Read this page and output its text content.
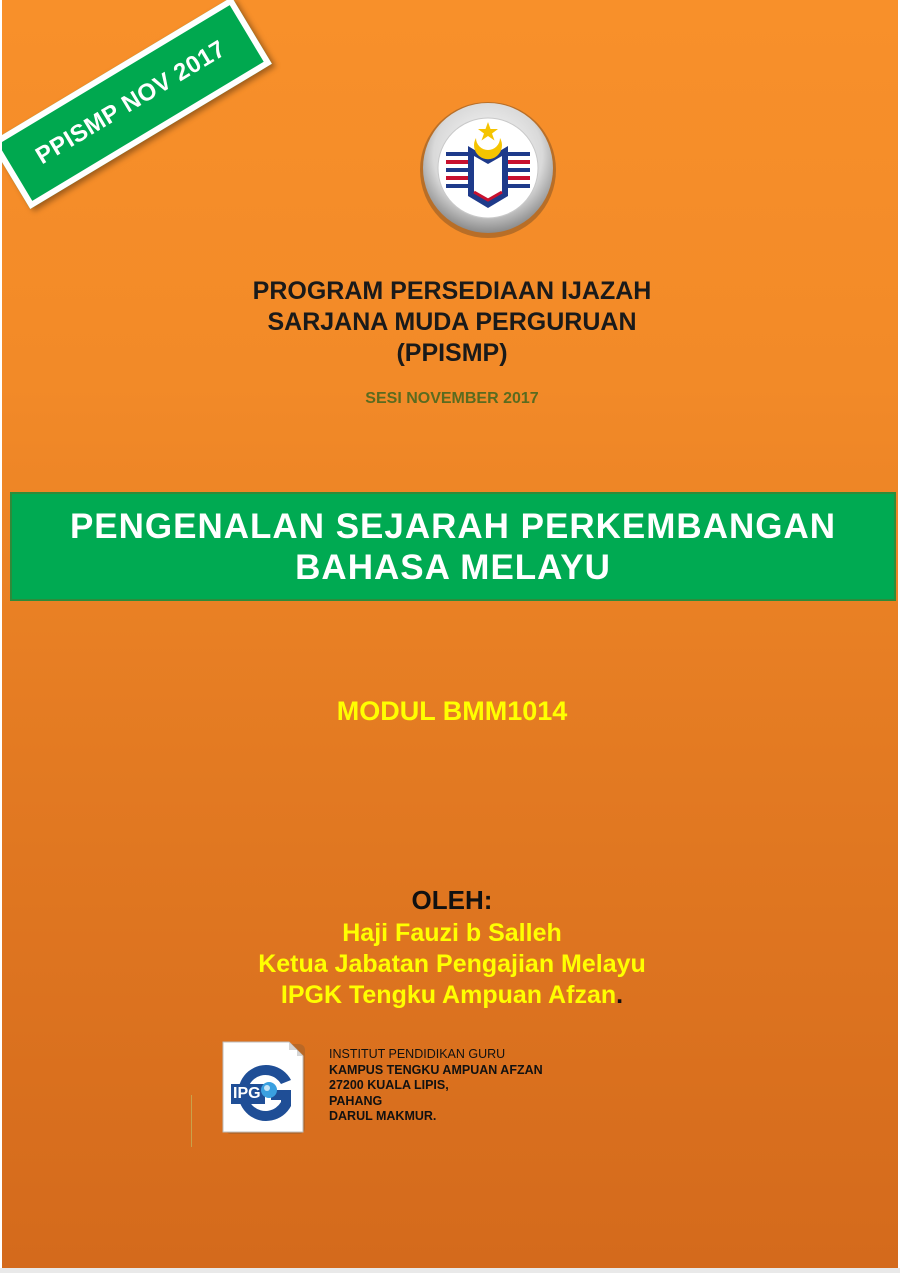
PPISMP NOV 2017
PROGRAM PERSEDIAAN IJAZAH
SARJANA MUDA PERGURUAN
(PPISMP)
SESI NOVEMBER 2017
PENGENALAN SEJARAH PERKEMBANGAN
BAHASA MELAYU
MODUL BMM1014
OLEH:
Haji Fauzi b Salleh
Ketua Jabatan Pengajian Melayu
IPGK Tengku Ampuan Afzan.
IPG
INSTITUT PENDIDIKAN GURU
KAMPUS TENGKU AMPUAN AFZAN
27200 KUALA LIPIS,
PAHANG
DARUL MAKMUR.
